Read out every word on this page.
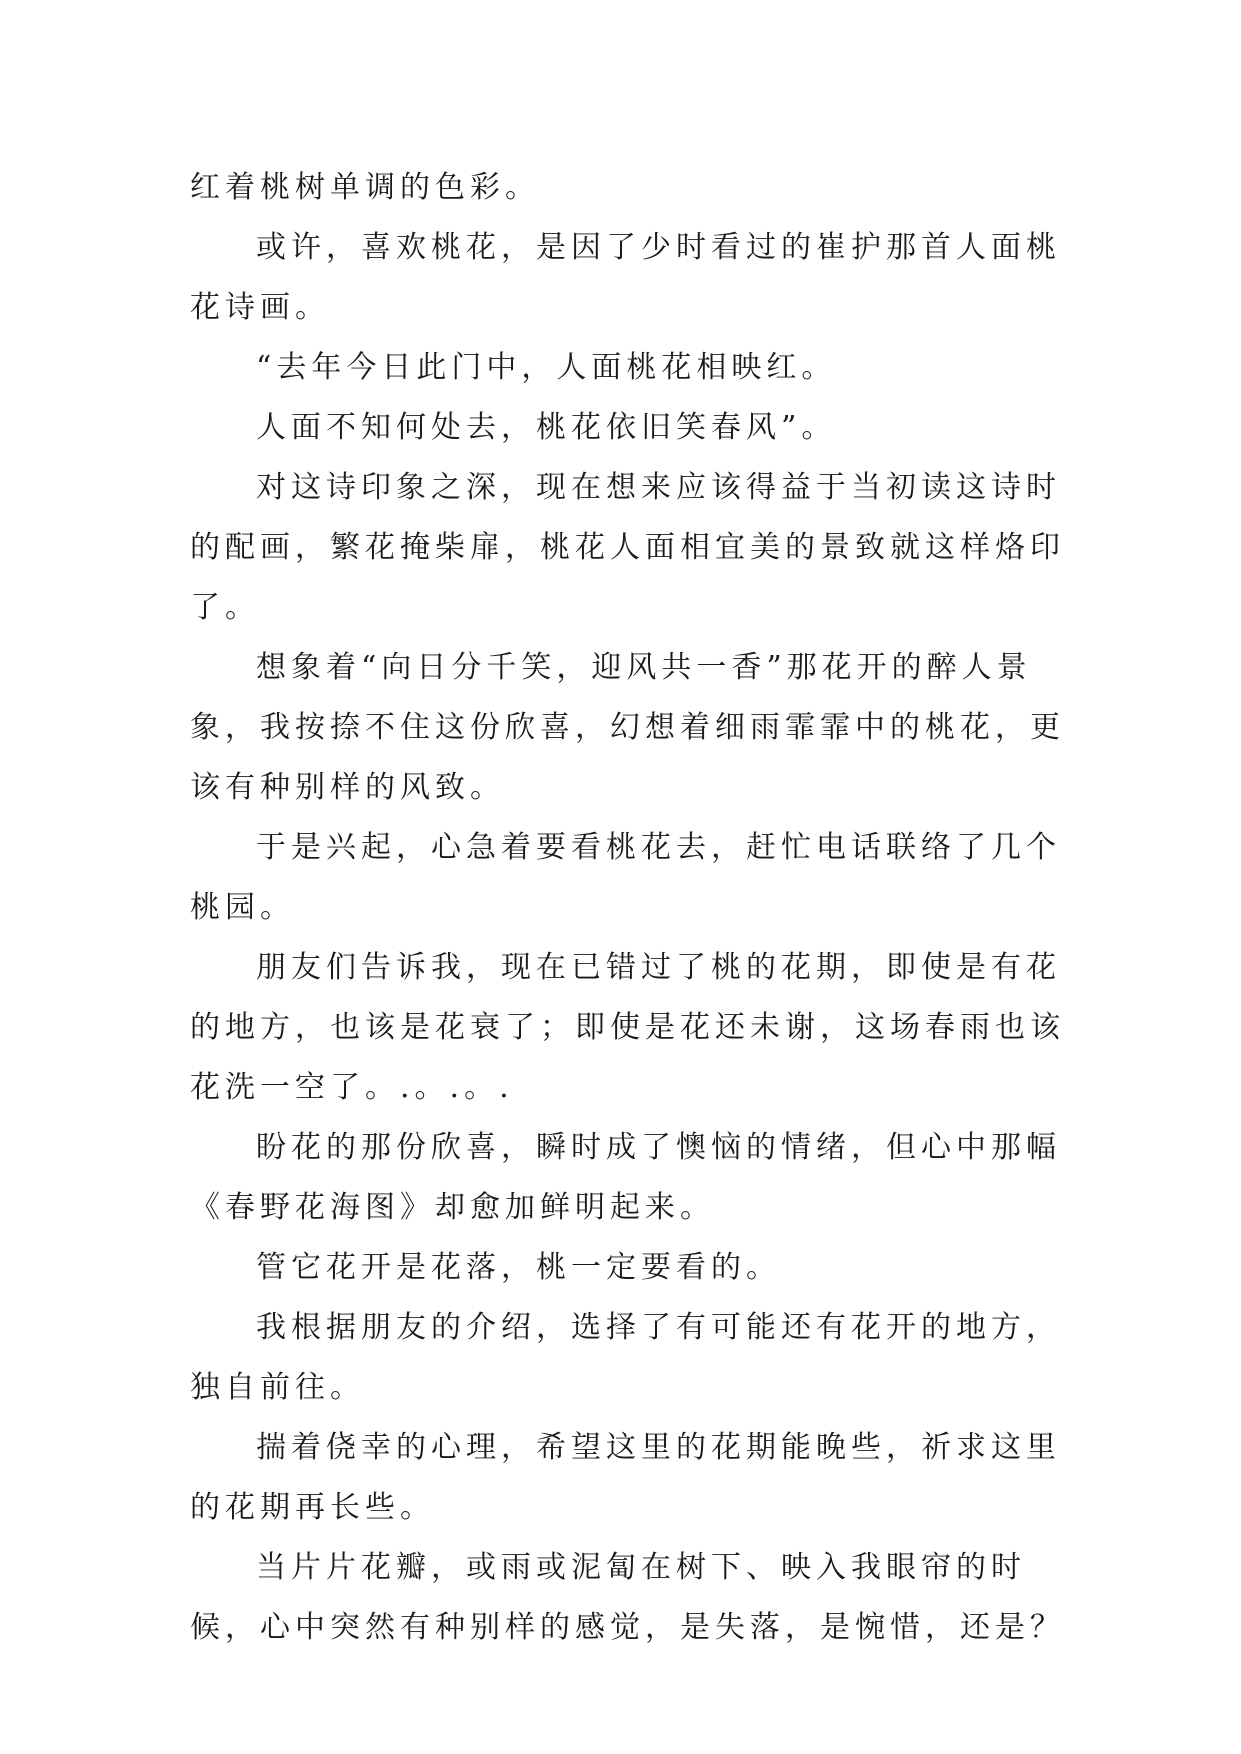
红着桃树单调的色彩。

或许，喜欢桃花，是因了少时看过的崔护那首人面桃花诗画。

“去年今日此门中，人面桃花相映红。

人面不知何处去，桃花依旧笑春风”。

对这诗印象之深，现在想来应该得益于当初读这诗时的配画，繁花掩柴扉，桃花人面相宜美的景致就这样烙印了。

想象着“向日分千笑，迎风共一香”那花开的醉人景象，我按捺不住这份欣喜，幻想着细雨霏霏中的桃花，更该有种别样的风致。

于是兴起，心急着要看桃花去，赶忙电话联络了几个桃园。

朋友们告诉我，现在已错过了桃的花期，即使是有花的地方，也该是花衰了；即使是花还未谢，这场春雨也该花洗一空了。.。.。.

盼花的那份欣喜，瞬时成了懊恼的情绪，但心中那幅《春野花海图》却愈加鲜明起来。

管它花开是花落，桃一定要看的。

我根据朋友的介绍，选择了有可能还有花开的地方，独自前往。

揣着侥幸的心理，希望这里的花期能晚些，祈求这里的花期再长些。

当片片花瓣，或雨或泥匐在树下、映入我眼帘的时候，心中突然有种别样的感觉，是失落，是惋惜，还是？
